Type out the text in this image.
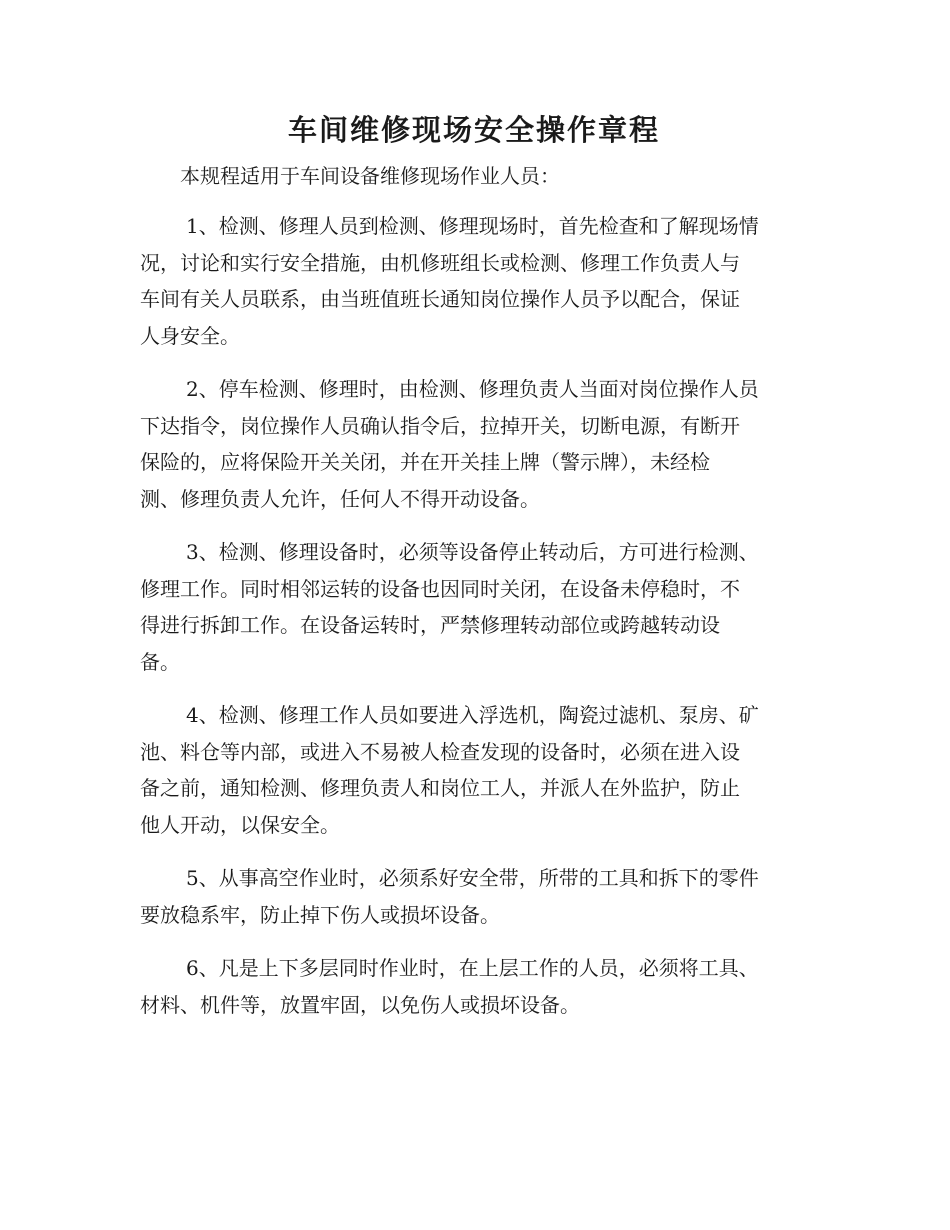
车间维修现场安全操作章程

本规程适用于车间设备维修现场作业人员：

1、检测、修理人员到检测、修理现场时，首先检查和了解现场情
况，讨论和实行安全措施，由机修班组长或检测、修理工作负责人与
车间有关人员联系，由当班值班长通知岗位操作人员予以配合，保证
人身安全。

2、停车检测、修理时，由检测、修理负责人当面对岗位操作人员
下达指令，岗位操作人员确认指令后，拉掉开关，切断电源，有断开
保险的，应将保险开关关闭，并在开关挂上牌（警示牌），未经检
测、修理负责人允许，任何人不得开动设备。

3、检测、修理设备时，必须等设备停止转动后，方可进行检测、
修理工作。同时相邻运转的设备也因同时关闭，在设备未停稳时，不
得进行拆卸工作。在设备运转时，严禁修理转动部位或跨越转动设
备。

4、检测、修理工作人员如要进入浮选机，陶瓷过滤机、泵房、矿
池、料仓等内部，或进入不易被人检查发现的设备时，必须在进入设
备之前，通知检测、修理负责人和岗位工人，并派人在外监护，防止
他人开动，以保安全。

5、从事高空作业时，必须系好安全带，所带的工具和拆下的零件
要放稳系牢，防止掉下伤人或损坏设备。

6、凡是上下多层同时作业时，在上层工作的人员，必须将工具、
材料、机件等，放置牢固，以免伤人或损坏设备。
